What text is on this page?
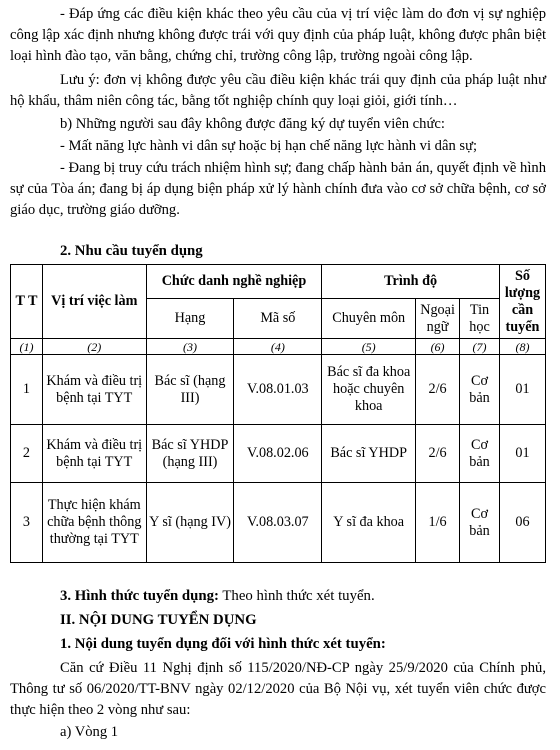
- Đáp ứng các điều kiện khác theo yêu cầu của vị trí việc làm do đơn vị sự nghiệp công lập xác định nhưng không được trái với quy định của pháp luật, không được phân biệt loại hình đào tạo, văn bằng, chứng chỉ, trường công lập, trường ngoài công lập.

Lưu ý: đơn vị không được yêu cầu điều kiện khác trái quy định của pháp luật như hộ khẩu, thâm niên công tác, bằng tốt nghiệp chính quy loại giỏi, giới tính…

b) Những người sau đây không được đăng ký dự tuyển viên chức:

- Mất năng lực hành vi dân sự hoặc bị hạn chế năng lực hành vi dân sự;

- Đang bị truy cứu trách nhiệm hình sự; đang chấp hành bản án, quyết định về hình sự của Tòa án; đang bị áp dụng biện pháp xử lý hành chính đưa vào cơ sở chữa bệnh, cơ sở giáo dục, trường giáo dưỡng.

2. Nhu cầu tuyển dụng

T T	Vị trí việc làm	Chức danh nghề nghiệp		Trình độ			Số lượng cần tuyển
		Hạng	Mã số	Chuyên môn	Ngoại ngữ	Tin học	
(1)	(2)	(3)	(4)	(5)	(6)	(7)	(8)
1	Khám và điều trị bệnh tại TYT	Bác sĩ (hạng III)	V.08.01.03	Bác sĩ đa khoa hoặc chuyên khoa	2/6	Cơ bản	01
2	Khám và điều trị bệnh tại TYT	Bác sĩ YHDP (hạng III)	V.08.02.06	Bác sĩ YHDP	2/6	Cơ bản	01
3	Thực hiện khám chữa bệnh thông thường tại TYT	Y sĩ (hạng IV)	V.08.03.07	Y sĩ đa khoa	1/6	Cơ bản	06

3. Hình thức tuyển dụng: Theo hình thức xét tuyển.

II. NỘI DUNG TUYỂN DỤNG

1. Nội dung tuyển dụng đối với hình thức xét tuyển:

Căn cứ Điều 11 Nghị định số 115/2020/NĐ-CP ngày 25/9/2020 của Chính phủ, Thông tư số 06/2020/TT-BNV ngày 02/12/2020 của Bộ Nội vụ, xét tuyển viên chức được thực hiện theo 2 vòng như sau:

a) Vòng 1
